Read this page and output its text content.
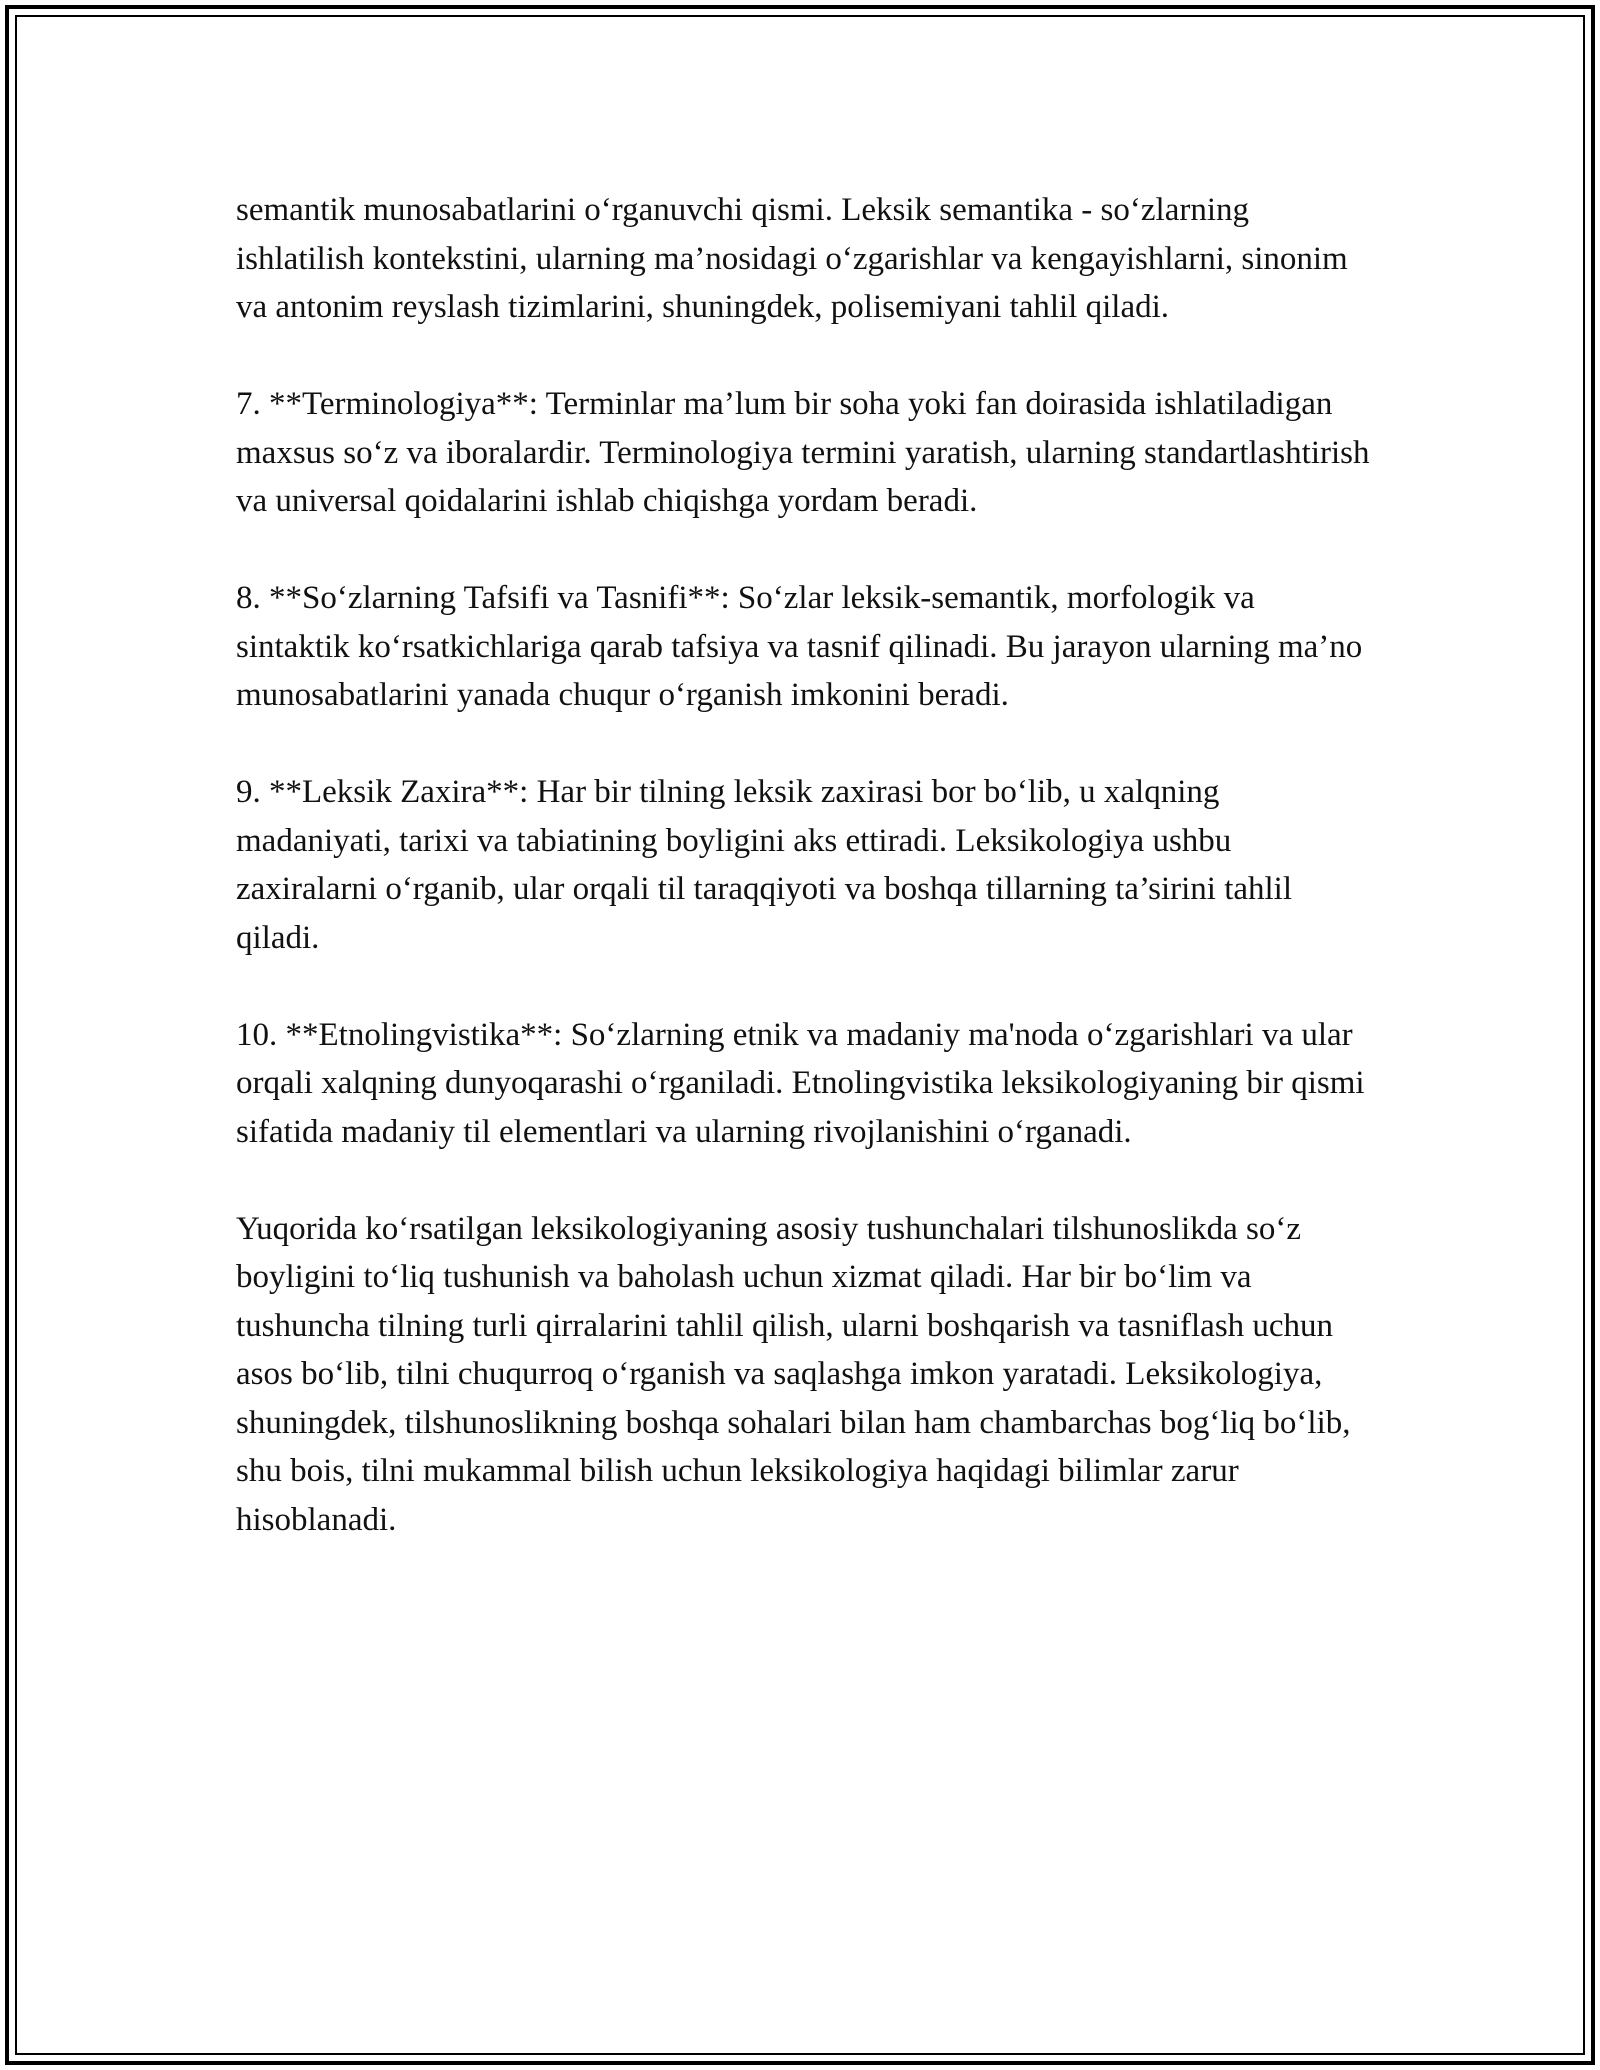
semantik munosabatlarini o‘rganuvchi qismi. Leksik semantika - so‘zlarning ishlatilish kontekstini, ularning ma’nosidagi o‘zgarishlar va kengayishlarni, sinonim va antonim reyslash tizimlarini, shuningdek, polisemiyani tahlil qiladi.

7. **Terminologiya**: Terminlar ma’lum bir soha yoki fan doirasida ishlatiladigan maxsus so‘z va iboralardir. Terminologiya termini yaratish, ularning standartlashtirish va universal qoidalarini ishlab chiqishga yordam beradi.

8. **So‘zlarning Tafsifi va Tasnifi**: So‘zlar leksik-semantik, morfologik va sintaktik ko‘rsatkichlariga qarab tafsiya va tasnif qilinadi. Bu jarayon ularning ma’no munosabatlarini yanada chuqur o‘rganish imkonini beradi.

9. **Leksik Zaxira**: Har bir tilning leksik zaxirasi bor bo‘lib, u xalqning madaniyati, tarixi va tabiatining boyligini aks ettiradi. Leksikologiya ushbu zaxiralarni o‘rganib, ular orqali til taraqqiyoti va boshqa tillarning ta’sirini tahlil qiladi.

10. **Etnolingvistika**: So‘zlarning etnik va madaniy ma'noda o‘zgarishlari va ular orqali xalqning dunyoqarashi o‘rganiladi. Etnolingvistika leksikologiyaning bir qismi sifatida madaniy til elementlari va ularning rivojlanishini o‘rganadi.

Yuqorida ko‘rsatilgan leksikologiyaning asosiy tushunchalari tilshunoslikda so‘z boyligini to‘liq tushunish va baholash uchun xizmat qiladi. Har bir bo‘lim va tushuncha tilning turli qirralarini tahlil qilish, ularni boshqarish va tasniflash uchun asos bo‘lib, tilni chuqurroq o‘rganish va saqlashga imkon yaratadi. Leksikologiya, shuningdek, tilshunoslikning boshqa sohalari bilan ham chambarchas bog‘liq bo‘lib, shu bois, tilni mukammal bilish uchun leksikologiya haqidagi bilimlar zarur hisoblanadi.
